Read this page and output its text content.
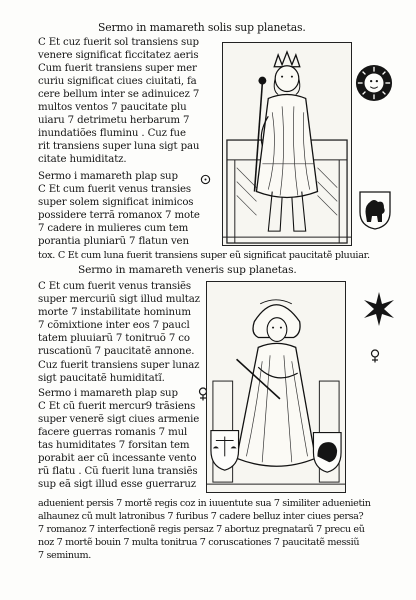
Sermo in mamareth solis sup planetas.
C Et cuz fuerit sol transiens sup
venere significat ficcitatez aeris
Cum fuerit transiens super mer
curiu significat ciues ciuitati, fa
cere bellum inter se adinuicez 7
multos ventos 7 paucitate plu
uiaru 7 detrimetu herbarum 7
inundatiões fluminu . Cuz fue
rit transiens super luna sigt pau
citate humiditatz.
Sermo i mamareth plap sup
C Et cum fuerit venus transies
super solem significat inimicos
possidere terrã romanox 7 mote
7 cadere in mulieres cum tem
porantia pluniarũ 7 flatun ven
tox. C Et cum luna fuerit transiens super eũ significat paucitatẽ pluuiar.
Sermo in mamareth veneris sup planetas.
C Et cum fuerit venus transiẽs
super mercuriũ sigt illud multaz
morte 7 instabilitate hominum
7 cõmixtione inter eos 7 paucl
tatem pluuiarũ 7 tonitruõ 7 co
ruscationũ 7 paucitatẽ annone.
Cuz fuerit transiens super lunaz
sigt paucitatẽ humiditatĩ.
Sermo i mamareth plap sup
C Et cũ fuerit mercur9 trãsiens
super venerẽ sigt ciues armenie
facere guerras romanis 7 mul
tas humiditates 7 forsitan tem
porabit aer cũ incessante vento
rũ flatu . Cũ fuerit luna transiẽs
sup eã sigt illud esse guerraruz
aduenient persis 7 mortẽ regis coz in iuuentute sua 7 similiter aduenietin
alhaunez cũ mult latronibus 7 furibus 7 cadere belluz inter ciues persa?
7 romanoz 7 interfectionẽ regis persaz 7 abortuz pregnatarũ 7 precu eũ
noz 7 mortẽ bouin 7 multa tonitrua 7 coruscationes 7 paucitatẽ messiũ
7 seminum.
